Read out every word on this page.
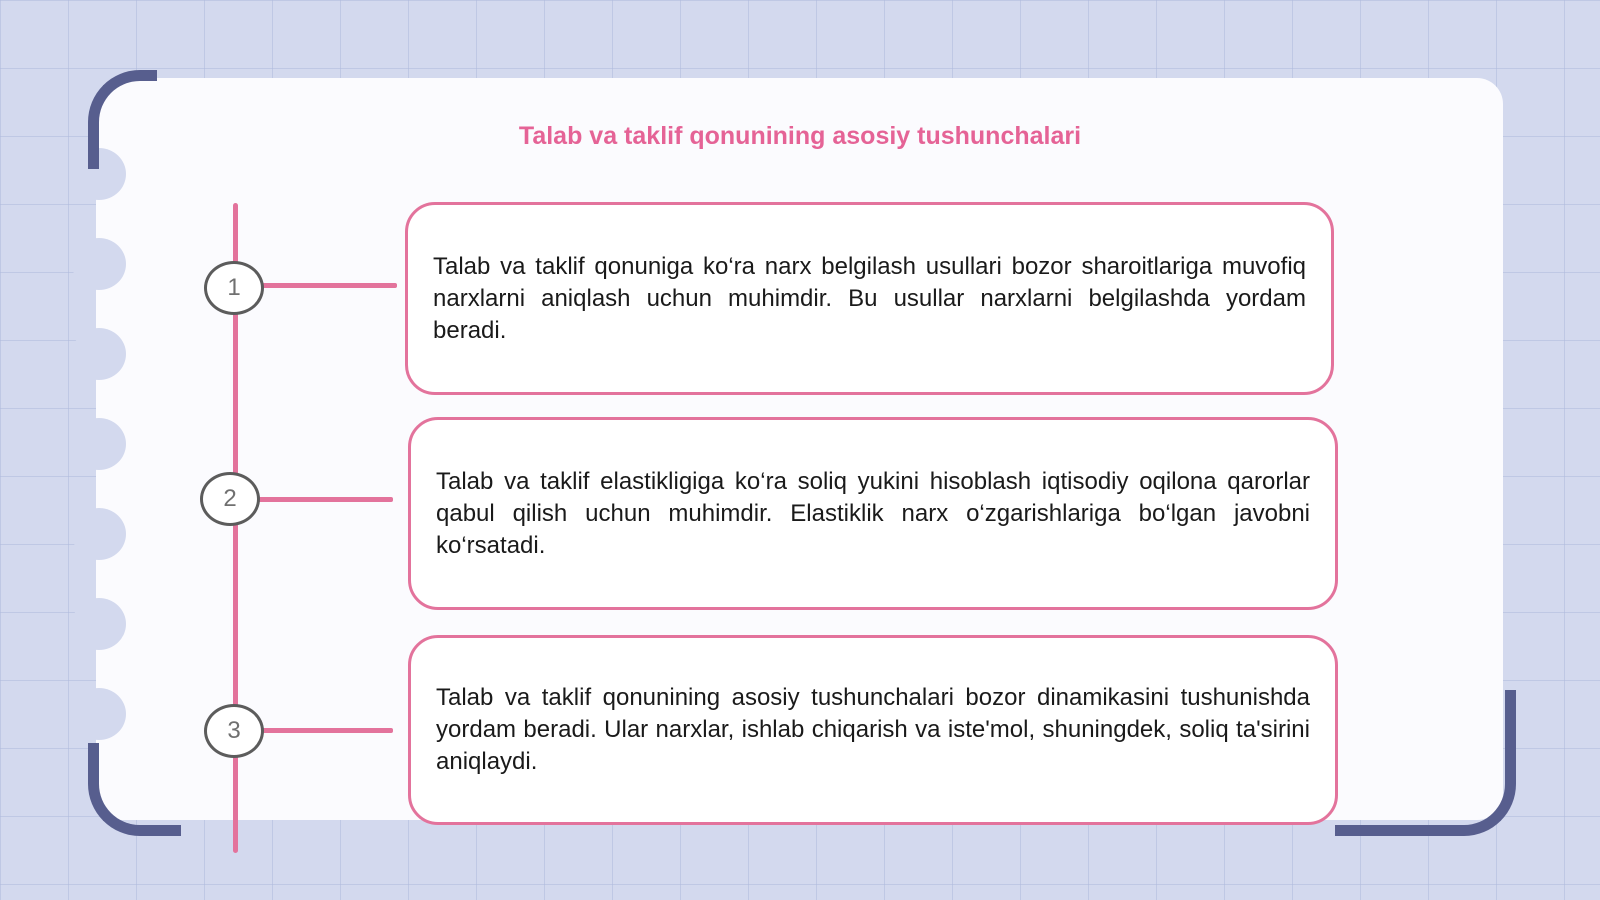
Talab va taklif qonunining asosiy tushunchalari
1
2
3

Talab va taklif qonuniga ko‘ra narx belgilash usullari bozor sharoitlariga muvofiq narxlarni aniqlash uchun muhimdir. Bu usullar narxlarni belgilashda yordam beradi.

Talab va taklif elastikligiga ko‘ra soliq yukini hisoblash iqtisodiy oqilona qarorlar qabul qilish uchun muhimdir. Elastiklik narx o‘zgarishlariga bo‘lgan javobni ko‘rsatadi.

Talab va taklif qonunining asosiy tushunchalari bozor dinamikasini tushunishda yordam beradi. Ular narxlar, ishlab chiqarish va iste'mol, shuningdek, soliq ta'sirini aniqlaydi.
